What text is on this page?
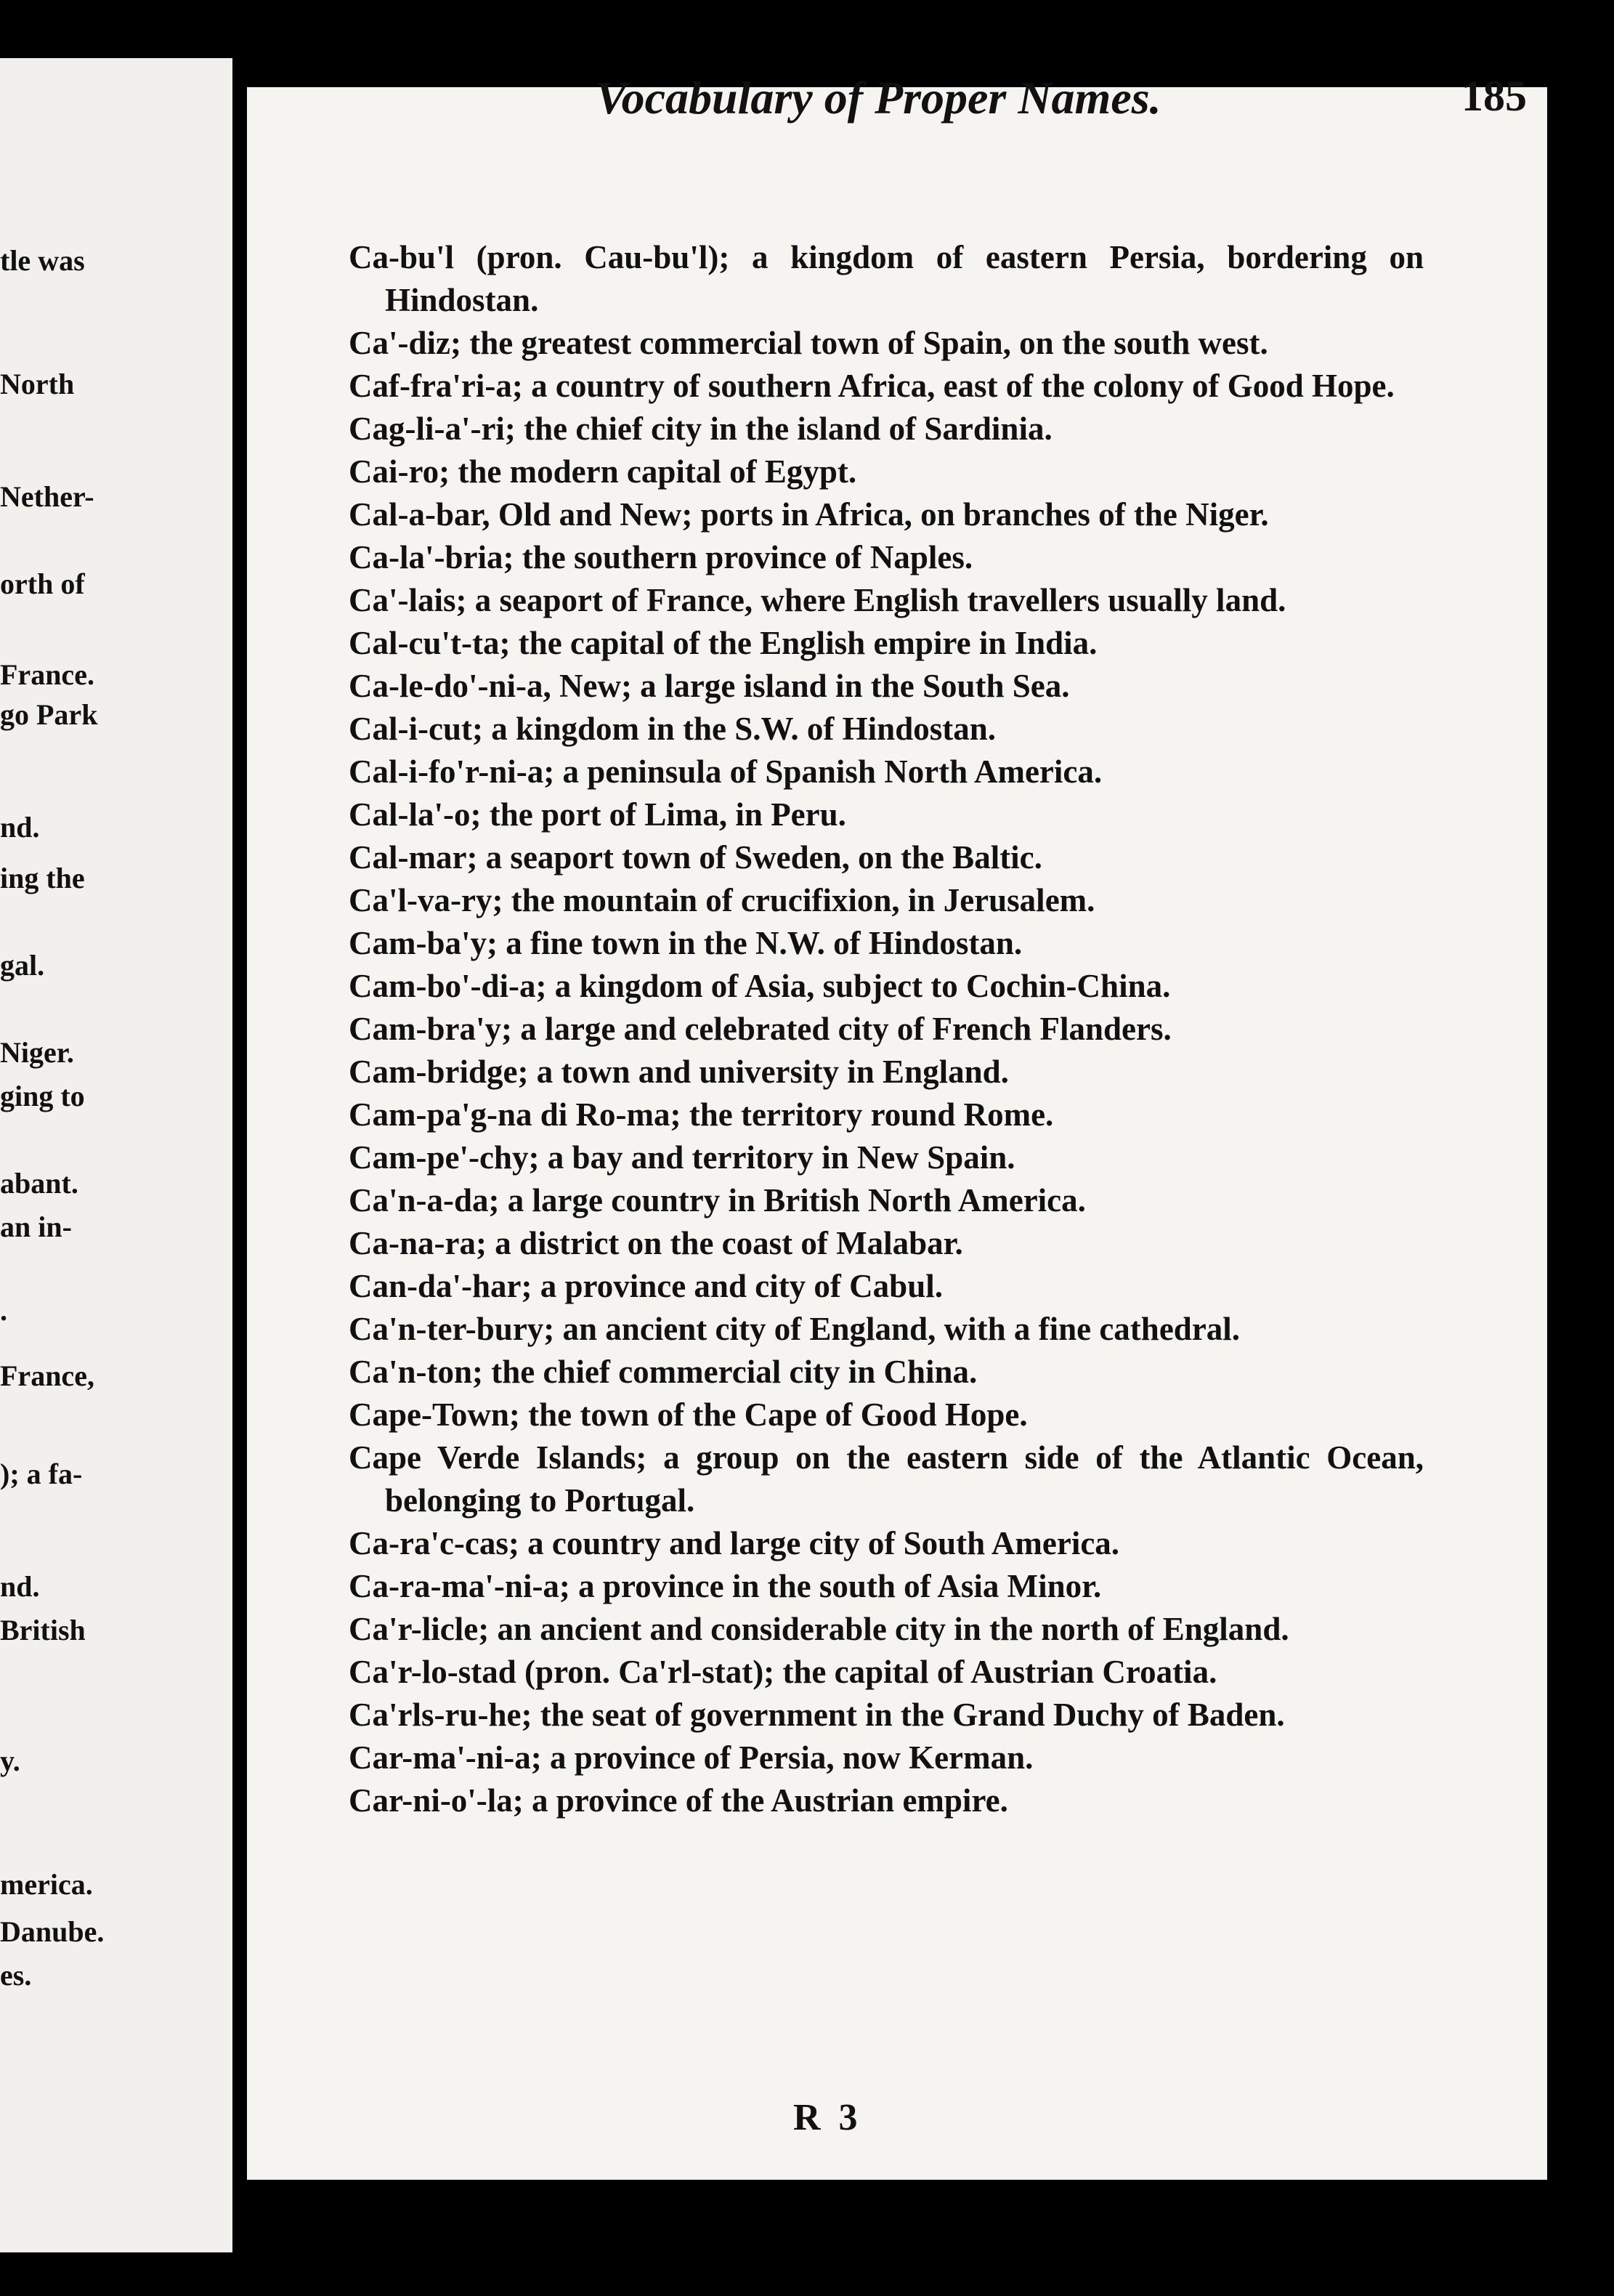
tle was
North
Nether-
orth of
France.
go Park
nd.
ing the
gal.
Niger.
ging to
abant.
an in-
.
France,
); a fa-
nd.
British
y.
merica.
Danube.
es.
Vocabulary of Proper Names.	185

Ca-bu'l (pron. Cau-bu'l); a kingdom of eastern Persia, bordering on Hindostan.

Ca'-diz; the greatest commercial town of Spain, on the south west.

Caf-fra'ri-a; a country of southern Africa, east of the colony of Good Hope.

Cag-li-a'-ri; the chief city in the island of Sardinia.

Cai-ro; the modern capital of Egypt.

Cal-a-bar, Old and New; ports in Africa, on branches of the Niger.

Ca-la'-bria; the southern province of Naples.

Ca'-lais; a seaport of France, where English travellers usually land.

Cal-cu't-ta; the capital of the English empire in India.

Ca-le-do'-ni-a, New; a large island in the South Sea.

Cal-i-cut; a kingdom in the S.W. of Hindostan.

Cal-i-fo'r-ni-a; a peninsula of Spanish North America.

Cal-la'-o; the port of Lima, in Peru.

Cal-mar; a seaport town of Sweden, on the Baltic.

Ca'l-va-ry; the mountain of crucifixion, in Jerusalem.

Cam-ba'y; a fine town in the N.W. of Hindostan.

Cam-bo'-di-a; a kingdom of Asia, subject to Cochin-China.

Cam-bra'y; a large and celebrated city of French Flanders.

Cam-bridge; a town and university in England.

Cam-pa'g-na di Ro-ma; the territory round Rome.

Cam-pe'-chy; a bay and territory in New Spain.

Ca'n-a-da; a large country in British North America.

Ca-na-ra; a district on the coast of Malabar.

Can-da'-har; a province and city of Cabul.

Ca'n-ter-bury; an ancient city of England, with a fine cathedral.

Ca'n-ton; the chief commercial city in China.

Cape-Town; the town of the Cape of Good Hope.

Cape Verde Islands; a group on the eastern side of the Atlantic Ocean, belonging to Portugal.

Ca-ra'c-cas; a country and large city of South America.

Ca-ra-ma'-ni-a; a province in the south of Asia Minor.

Ca'r-licle; an ancient and considerable city in the north of England.

Ca'r-lo-stad (pron. Ca'rl-stat); the capital of Austrian Croatia.

Ca'rls-ru-he; the seat of government in the Grand Duchy of Baden.

Car-ma'-ni-a; a province of Persia, now Kerman.

Car-ni-o'-la; a province of the Austrian empire.

R 3
